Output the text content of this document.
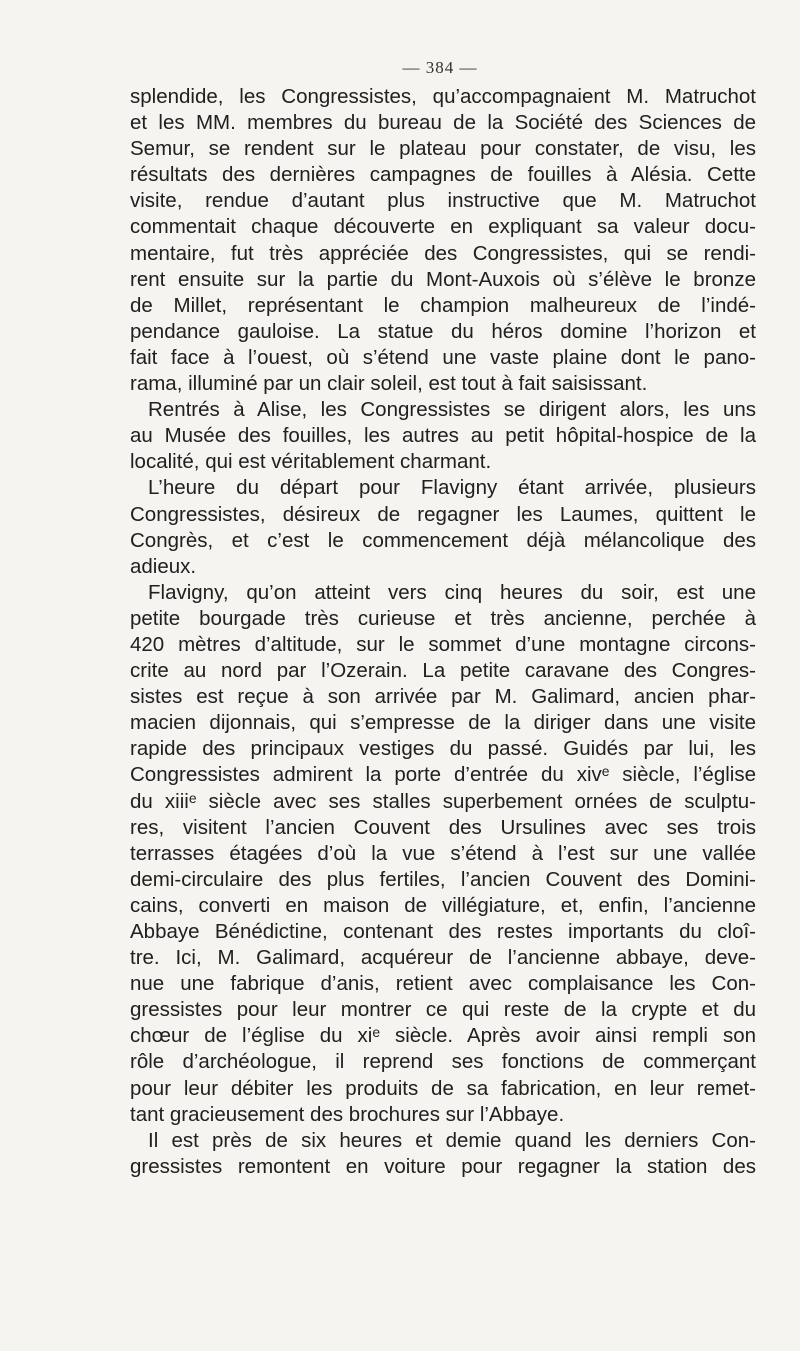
— 384 —
splendide, les Congressistes, qu’accompagnaient M. Matruchot
et les MM. membres du bureau de la Société des Sciences de
Semur, se rendent sur le plateau pour constater, de visu, les
résultats des dernières campagnes de fouilles à Alésia. Cette
visite, rendue d’autant plus instructive que M. Matruchot
commentait chaque découverte en expliquant sa valeur docu-
mentaire, fut très appréciée des Congressistes, qui se rendi-
rent ensuite sur la partie du Mont-Auxois où s’élève le bronze
de Millet, représentant le champion malheureux de l’indé-
pendance gauloise. La statue du héros domine l’horizon et
fait face à l’ouest, où s’étend une vaste plaine dont le pano-
rama, illuminé par un clair soleil, est tout à fait saisissant.
Rentrés à Alise, les Congressistes se dirigent alors, les uns
au Musée des fouilles, les autres au petit hôpital-hospice de la
localité, qui est véritablement charmant.
L’heure du départ pour Flavigny étant arrivée, plusieurs
Congressistes, désireux de regagner les Laumes, quittent le
Congrès, et c’est le commencement déjà mélancolique des
adieux.
Flavigny, qu’on atteint vers cinq heures du soir, est une
petite bourgade très curieuse et très ancienne, perchée à
420 mètres d’altitude, sur le sommet d’une montagne circons-
crite au nord par l’Ozerain. La petite caravane des Congres-
sistes est reçue à son arrivée par M. Galimard, ancien phar-
macien dijonnais, qui s’empresse de la diriger dans une visite
rapide des principaux vestiges du passé. Guidés par lui, les
Congressistes admirent la porte d’entrée du xivᵉ siècle, l’église
du xiiiᵉ siècle avec ses stalles superbement ornées de sculptu-
res, visitent l’ancien Couvent des Ursulines avec ses trois
terrasses étagées d’où la vue s’étend à l’est sur une vallée
demi-circulaire des plus fertiles, l’ancien Couvent des Domini-
cains, converti en maison de villégiature, et, enfin, l’ancienne
Abbaye Bénédictine, contenant des restes importants du cloî-
tre. Ici, M. Galimard, acquéreur de l’ancienne abbaye, deve-
nue une fabrique d’anis, retient avec complaisance les Con-
gressistes pour leur montrer ce qui reste de la crypte et du
chœur de l’église du xiᵉ siècle. Après avoir ainsi rempli son
rôle d’archéologue, il reprend ses fonctions de commerçant
pour leur débiter les produits de sa fabrication, en leur remet-
tant gracieusement des brochures sur l’Abbaye.
Il est près de six heures et demie quand les derniers Con-
gressistes remontent en voiture pour regagner la station des
